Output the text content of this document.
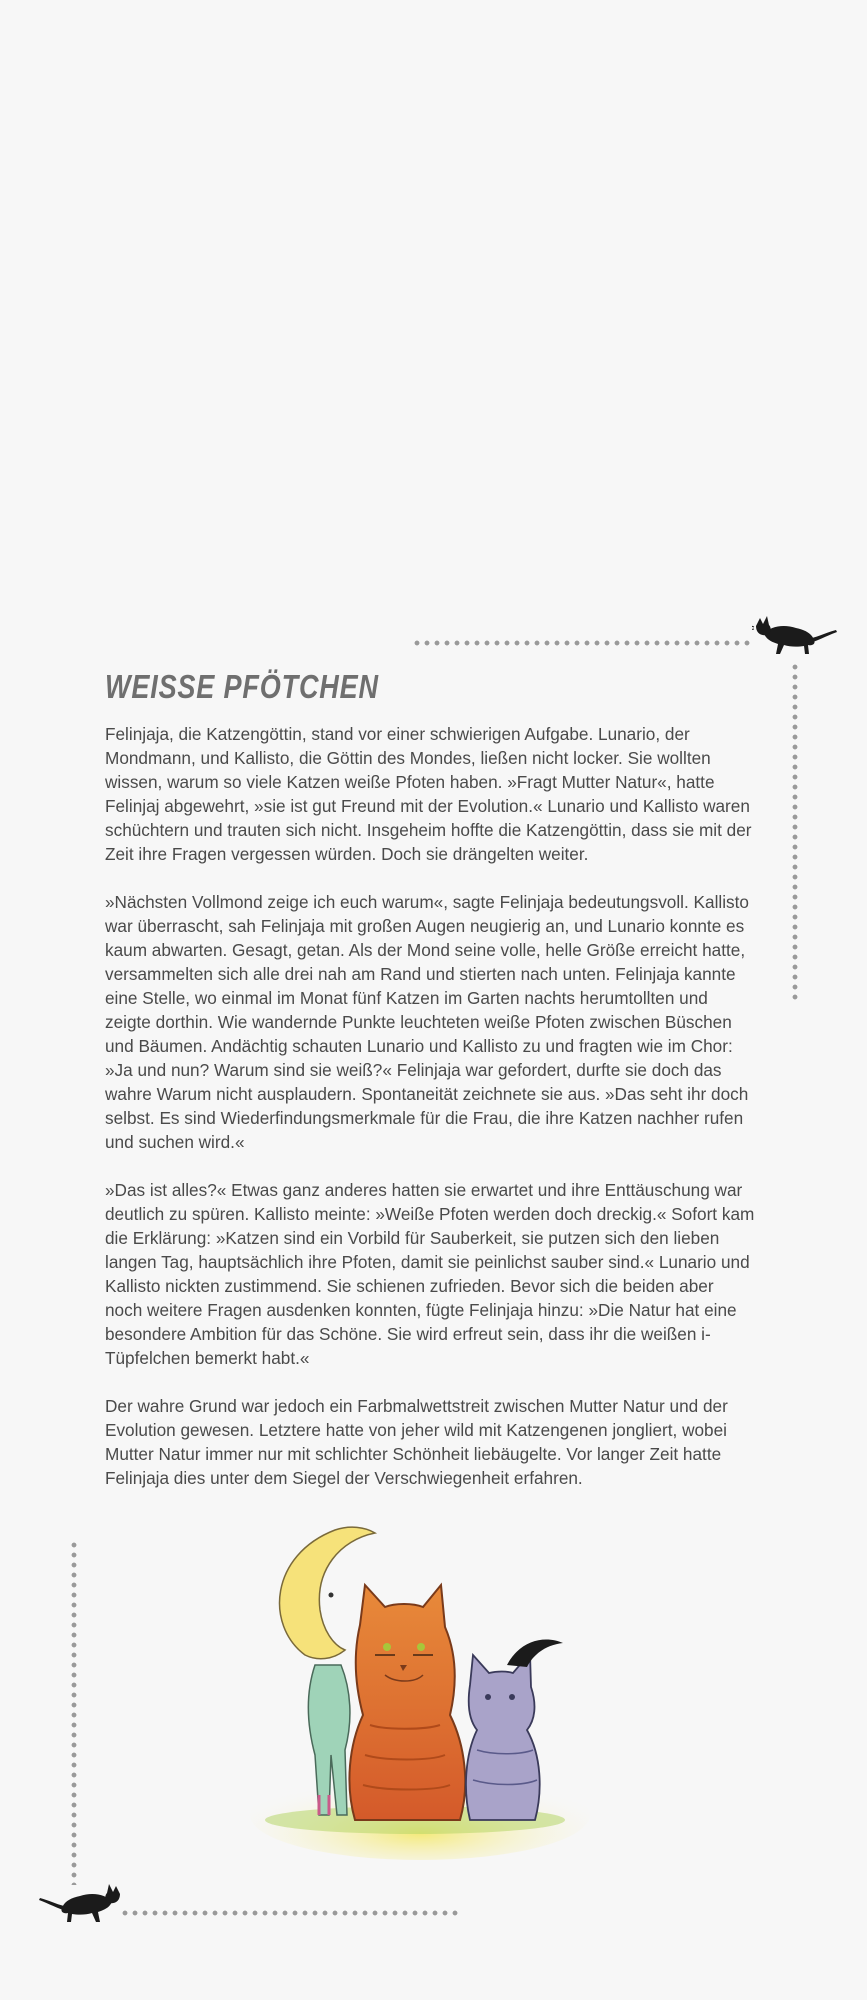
WEISSE PFÖTCHEN

Felinjaja, die Katzengöttin, stand vor einer schwierigen Aufgabe. Lunario, der Mondmann, und Kallisto, die Göttin des Mondes, ließen nicht locker. Sie wollten wissen, warum so viele Katzen weiße Pfoten haben. »Fragt Mutter Natur«, hatte Felinjaj abgewehrt, »sie ist gut Freund mit der Evolution.« Lunario und Kallisto waren schüchtern und trauten sich nicht. Insgeheim hoffte die Katzengöttin, dass sie mit der Zeit ihre Fragen vergessen würden. Doch sie drängelten weiter.

»Nächsten Vollmond zeige ich euch warum«, sagte Felinjaja bedeutungsvoll. Kallisto war überrascht, sah Felinjaja mit großen Augen neugierig an, und Lunario konnte es kaum abwarten. Gesagt, getan. Als der Mond seine volle, helle Größe erreicht hatte, versammelten sich alle drei nah am Rand und stierten nach unten. Felinjaja kannte eine Stelle, wo einmal im Monat fünf Katzen im Garten nachts herumtollten und zeigte dorthin. Wie wandernde Punkte leuchteten weiße Pfoten zwischen Büschen und Bäumen. Andächtig schauten Lunario und Kallisto zu und fragten wie im Chor: »Ja und nun? Warum sind sie weiß?« Felinjaja war gefordert, durfte sie doch das wahre Warum nicht ausplaudern. Spontaneität zeichnete sie aus. »Das seht ihr doch selbst. Es sind Wiederfindungsmerkmale für die Frau, die ihre Katzen nachher rufen und suchen wird.«

»Das ist alles?« Etwas ganz anderes hatten sie erwartet und ihre Enttäuschung war deutlich zu spüren. Kallisto meinte: »Weiße Pfoten werden doch dreckig.« Sofort kam die Erklärung: »Katzen sind ein Vorbild für Sauberkeit, sie putzen sich den lieben langen Tag, hauptsächlich ihre Pfoten, damit sie peinlichst sauber sind.« Lunario und Kallisto nickten zustimmend. Sie schienen zufrieden. Bevor sich die beiden aber noch weitere Fragen ausdenken konnten, fügte Felinjaja hinzu: »Die Natur hat eine besondere Ambition für das Schöne. Sie wird erfreut sein, dass ihr die weißen i-Tüpfelchen bemerkt habt.«

Der wahre Grund war jedoch ein Farbmalwettstreit zwischen Mutter Natur und der Evolution gewesen. Letztere hatte von jeher wild mit Katzengenen jongliert, wobei Mutter Natur immer nur mit schlichter Schönheit liebäugelte. Vor langer Zeit hatte Felinjaja dies unter dem Siegel der Verschwiegenheit erfahren.
